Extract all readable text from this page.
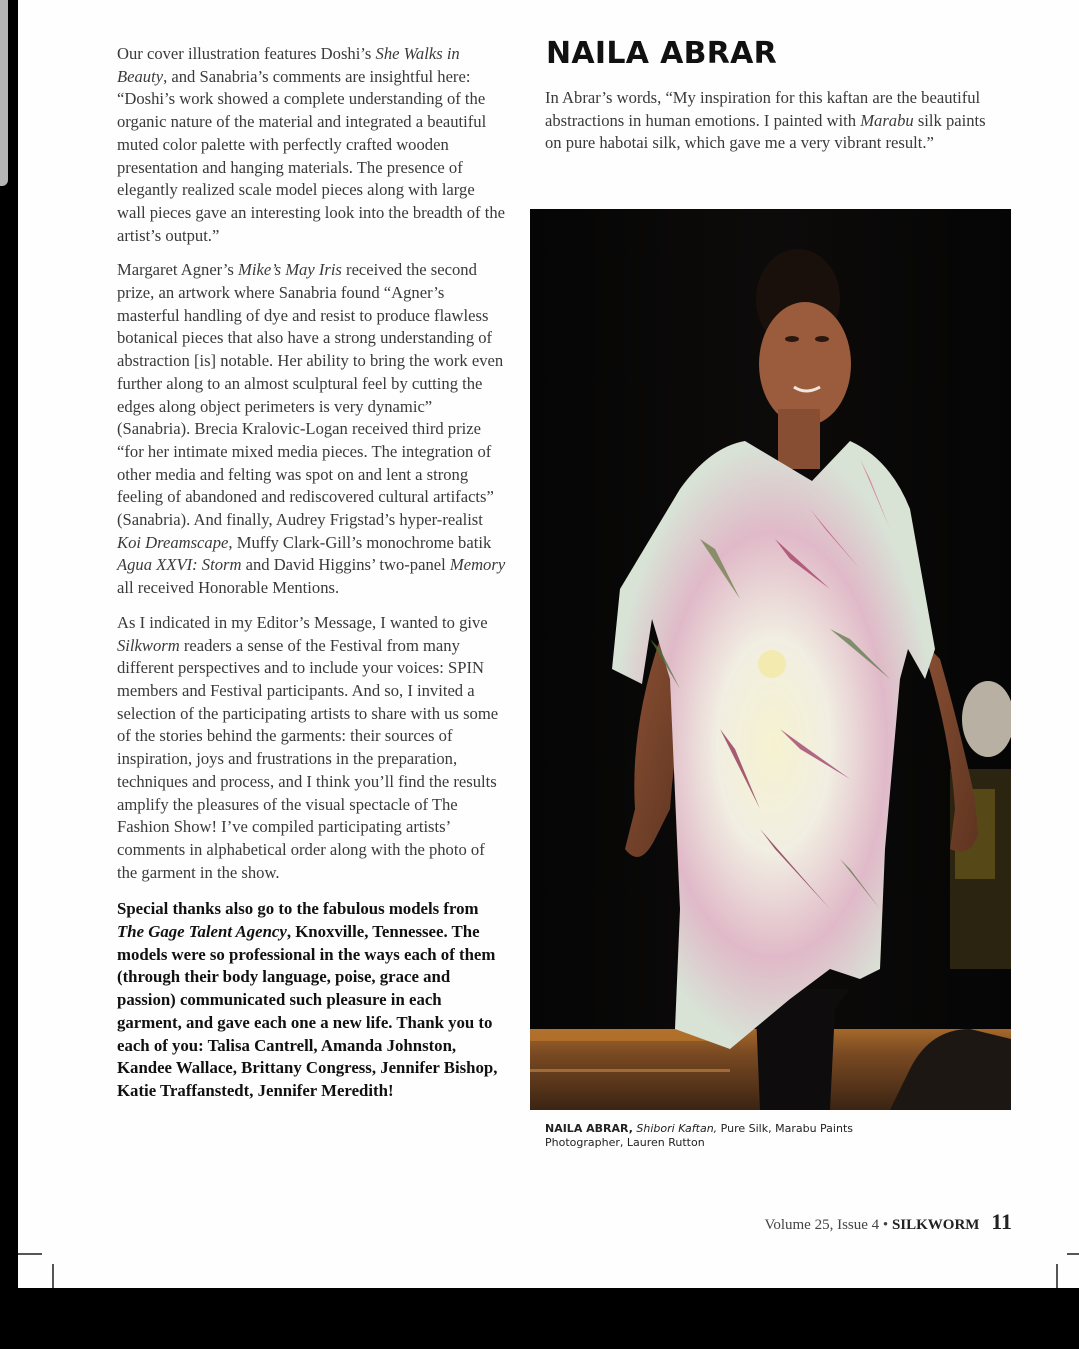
Our cover illustration features Doshi’s She Walks in Beauty, and Sanabria’s comments are insightful here: “Doshi’s work showed a complete understanding of the organic nature of the material and integrated a beautiful muted color palette with perfectly crafted wooden presentation and hanging materials. The presence of elegantly realized scale model pieces along with large wall pieces gave an interesting look into the breadth of the artist’s output.”

Margaret Agner’s Mike’s May Iris received the second prize, an artwork where Sanabria found “Agner’s masterful handling of dye and resist to produce flawless botanical pieces that also have a strong understanding of abstraction [is] notable. Her ability to bring the work even further along to an almost sculptural feel by cutting the edges along object perimeters is very dynamic” (Sanabria). Brecia Kralovic-Logan received third prize “for her intimate mixed media pieces. The integration of other media and felting was spot on and lent a strong feeling of abandoned and rediscovered cultural artifacts” (Sanabria). And finally, Audrey Frigstad’s hyper-realist Koi Dreamscape, Muffy Clark-Gill’s monochrome batik Agua XXVI: Storm and David Higgins’ two-panel Memory all received Honorable Mentions.

As I indicated in my Editor’s Message, I wanted to give Silkworm readers a sense of the Festival from many different perspectives and to include your voices: SPIN members and Festival participants. And so, I invited a selection of the participating artists to share with us some of the stories behind the garments: their sources of inspiration, joys and frustrations in the preparation, techniques and process, and I think you’ll find the results amplify the pleasures of the visual spectacle of The Fashion Show! I’ve compiled participating artists’ comments in alphabetical order along with the photo of the garment in the show.

Special thanks also go to the fabulous models from The Gage Talent Agency, Knoxville, Tennessee. The models were so professional in the ways each of them (through their body language, poise, grace and passion) communicated such pleasure in each garment, and gave each one a new life. Thank you to each of you: Talisa Cantrell, Amanda Johnston, Kandee Wallace, Brittany Congress, Jennifer Bishop, Katie Traffanstedt, Jennifer Meredith!

NAILA ABRAR

In Abrar’s words, “My inspiration for this kaftan are the beautiful abstractions in human emotions. I painted with Marabu silk paints on pure habotai silk, which gave me a very vibrant result.”

NAILA ABRAR, Shibori Kaftan, Pure Silk, Marabu Paints
Photographer, Lauren Rutton
Volume 25, Issue 4 • SILKWORM 11
